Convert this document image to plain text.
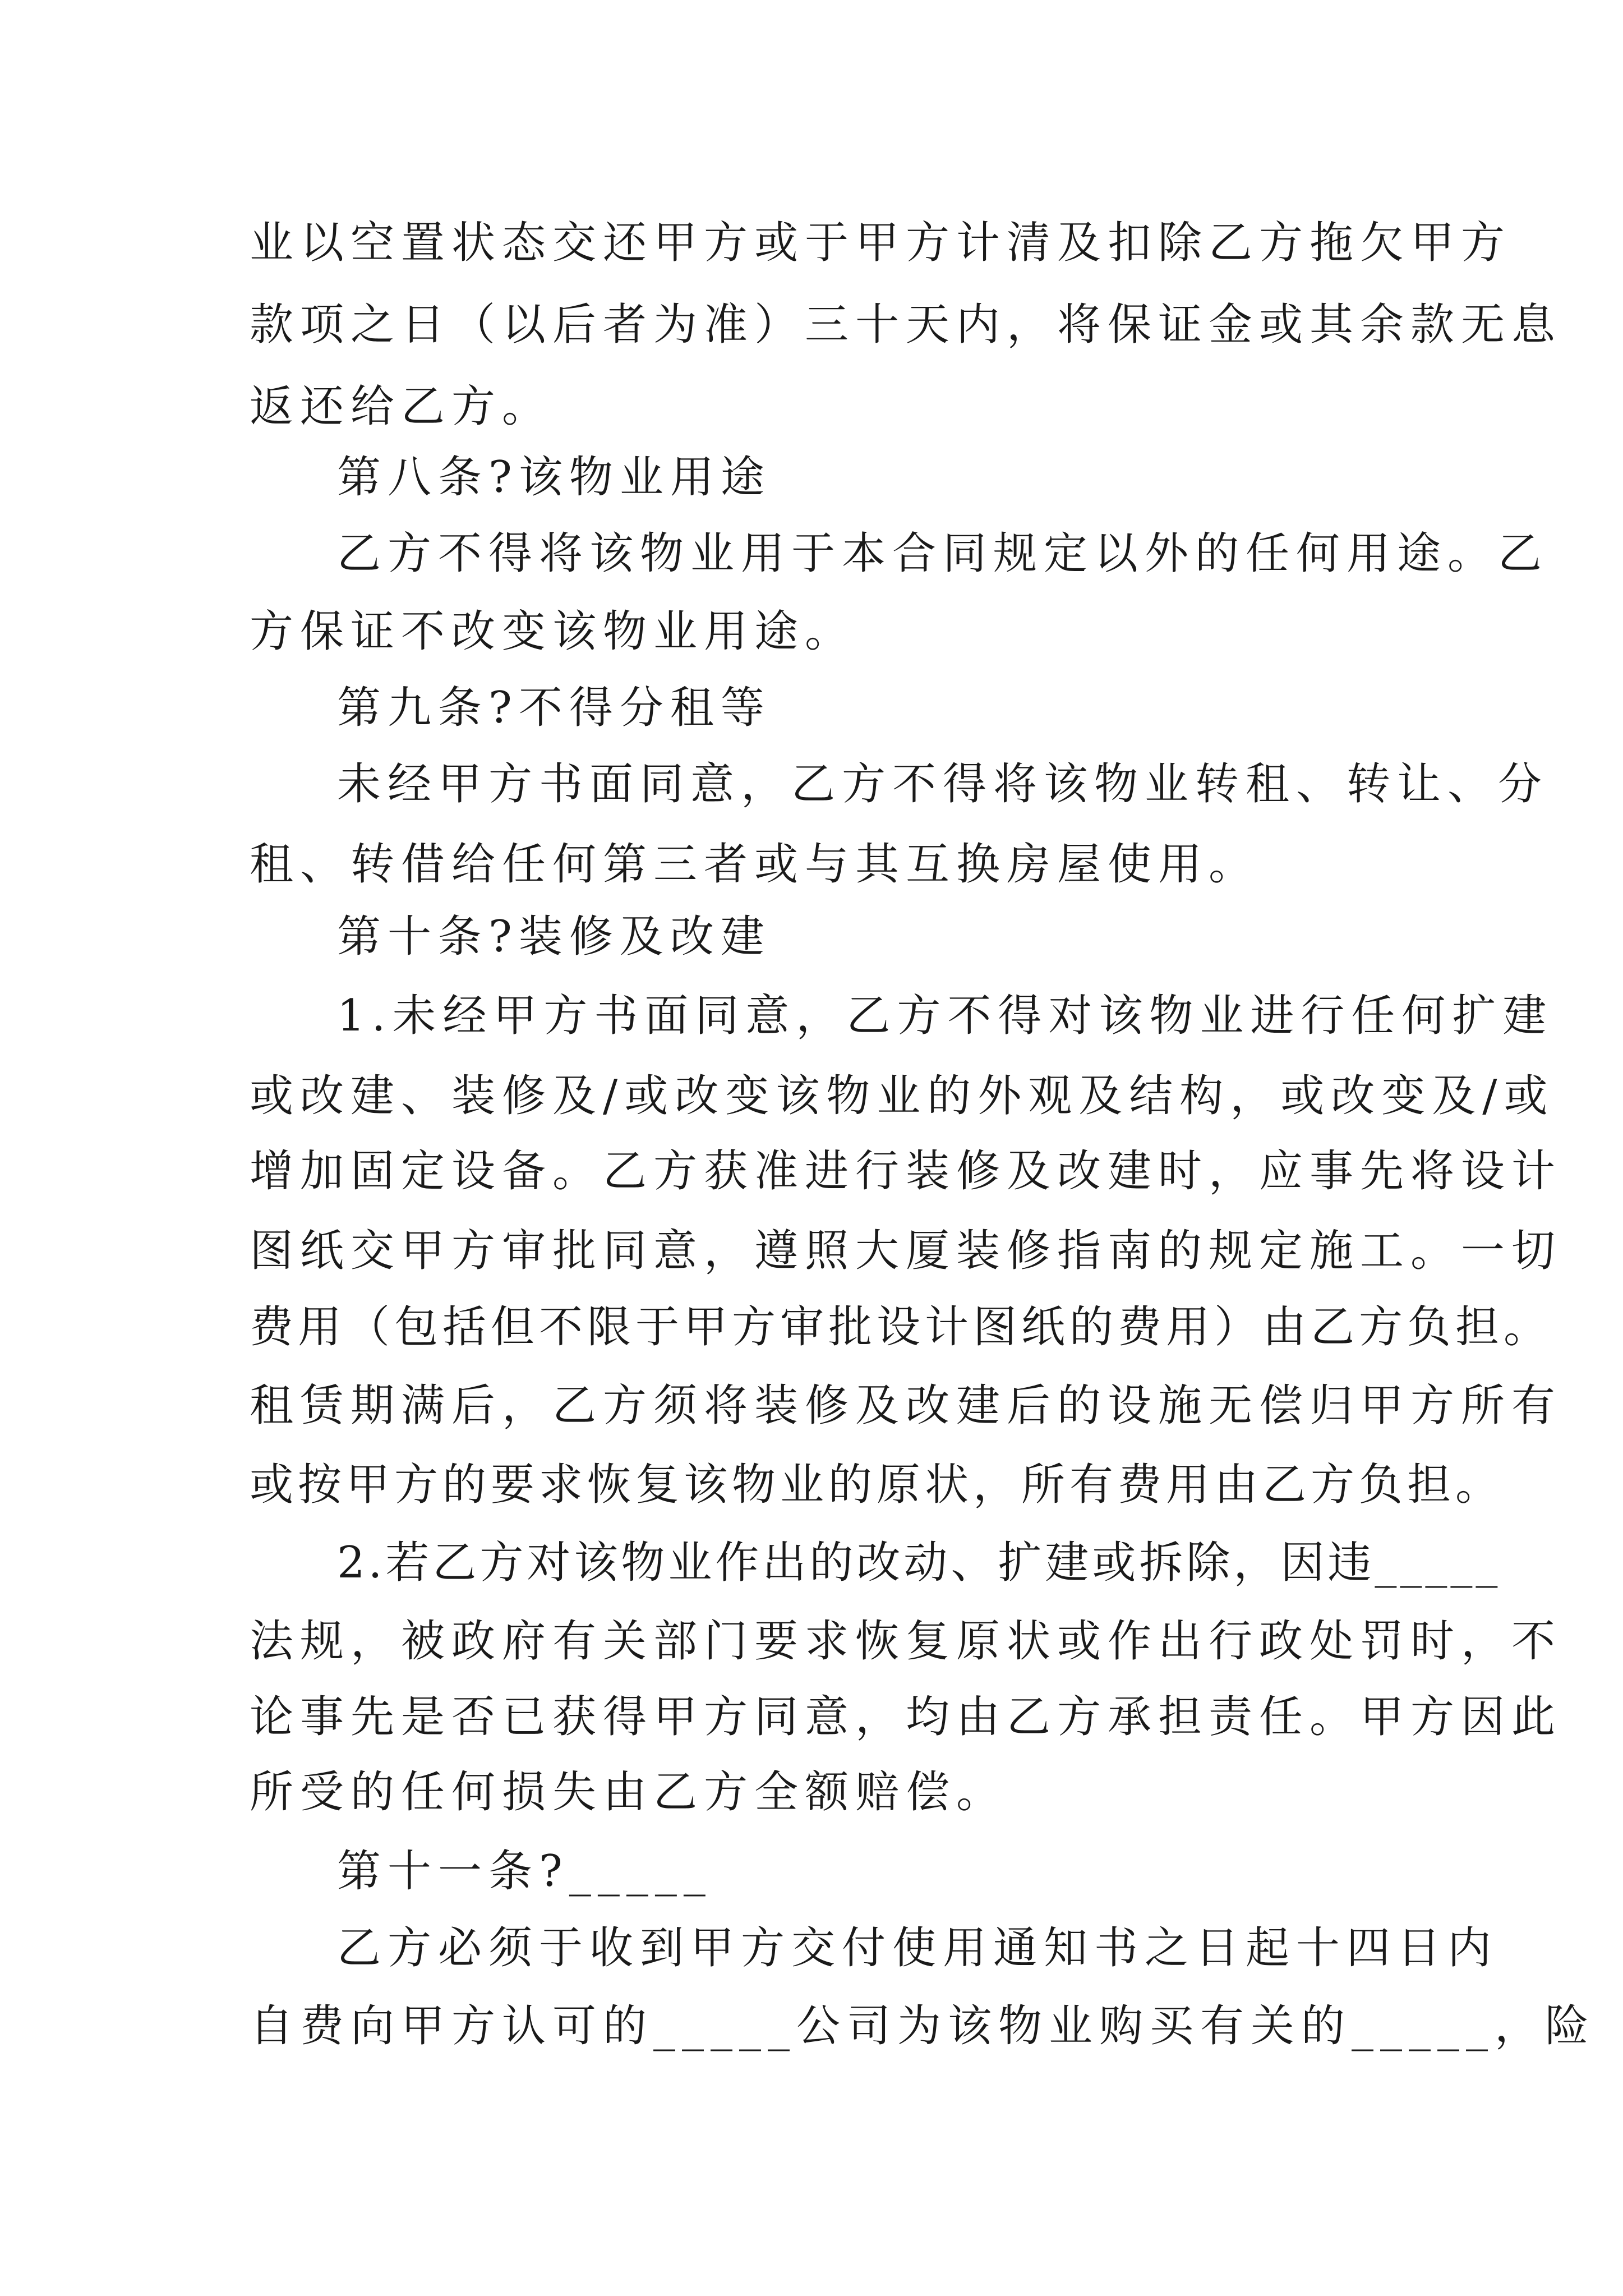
业以空置状态交还甲方或于甲方计清及扣除乙方拖欠甲方
款项之日（以后者为准）三十天内，将保证金或其余款无息
返还给乙方。
第八条?该物业用途
乙方不得将该物业用于本合同规定以外的任何用途。乙
方保证不改变该物业用途。
第九条?不得分租等
未经甲方书面同意，乙方不得将该物业转租、转让、分
租、转借给任何第三者或与其互换房屋使用。
第十条?装修及改建
1.未经甲方书面同意，乙方不得对该物业进行任何扩建
或改建、装修及/或改变该物业的外观及结构，或改变及/或
增加固定设备。乙方获准进行装修及改建时，应事先将设计
图纸交甲方审批同意，遵照大厦装修指南的规定施工。一切
费用（包括但不限于甲方审批设计图纸的费用）由乙方负担。
租赁期满后，乙方须将装修及改建后的设施无偿归甲方所有
或按甲方的要求恢复该物业的原状，所有费用由乙方负担。
2.若乙方对该物业作出的改动、扩建或拆除，因违_____
法规，被政府有关部门要求恢复原状或作出行政处罚时，不
论事先是否已获得甲方同意，均由乙方承担责任。甲方因此
所受的任何损失由乙方全额赔偿。
第十一条?_____
乙方必须于收到甲方交付使用通知书之日起十四日内
自费向甲方认可的_____公司为该物业购买有关的_____，险
